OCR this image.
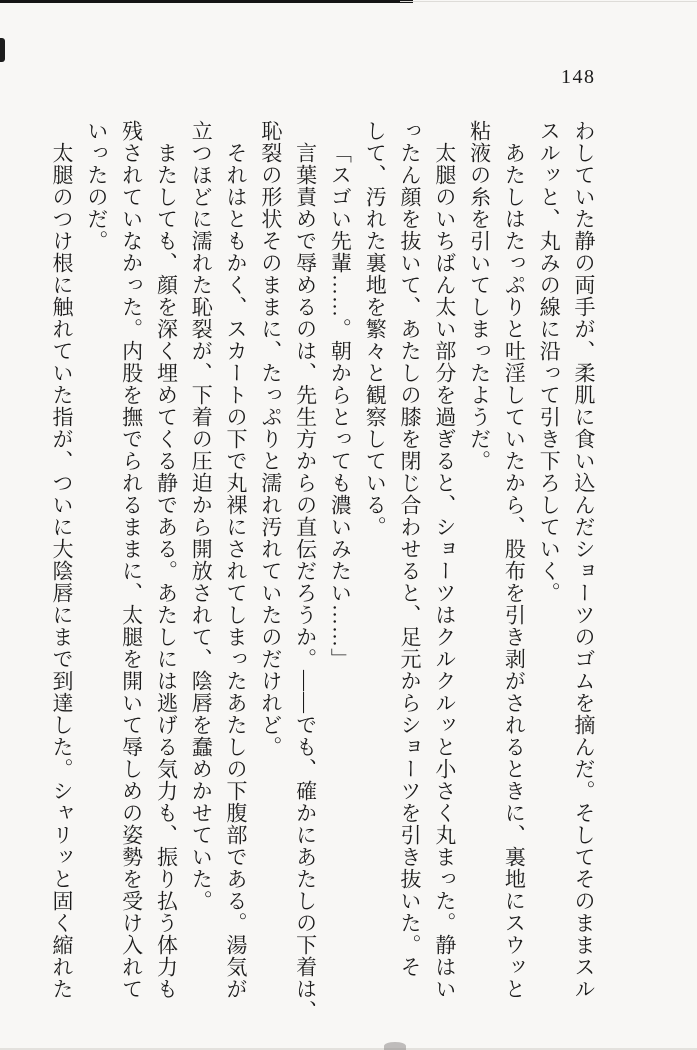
148
わしていた静の両手が、柔肌に食い込んだショーツのゴムを摘んだ。そしてそのままスル
スルッと、丸みの線に沿って引き下ろしていく。
あたしはたっぷりと吐淫していたから、股布を引き剥がされるときに、裏地にスウッと
粘液の糸を引いてしまったようだ。
太腿のいちばん太い部分を過ぎると、ショーツはクルクルッと小さく丸まった。静はい
ったん顔を抜いて、あたしの膝を閉じ合わせると、足元からショーツを引き抜いた。そ
して、汚れた裏地を繁々と観察している。
「スゴい先輩……。朝からとっても濃いみたい……」
言葉責めで辱めるのは、先生方からの直伝だろうか。――でも、確かにあたしの下着は、
恥裂の形状そのままに、たっぷりと濡れ汚れていたのだけれど。
それはともかく、スカートの下で丸裸にされてしまったあたしの下腹部である。湯気が
立つほどに濡れた恥裂が、下着の圧迫から開放されて、陰唇を蠢めかせていた。
またしても、顔を深く埋めてくる静である。あたしには逃げる気力も、振り払う体力も
残されていなかった。内股を撫でられるままに、太腿を開いて辱しめの姿勢を受け入れて
いったのだ。
太腿のつけ根に触れていた指が、ついに大陰唇にまで到達した。シャリッと固く縮れた
